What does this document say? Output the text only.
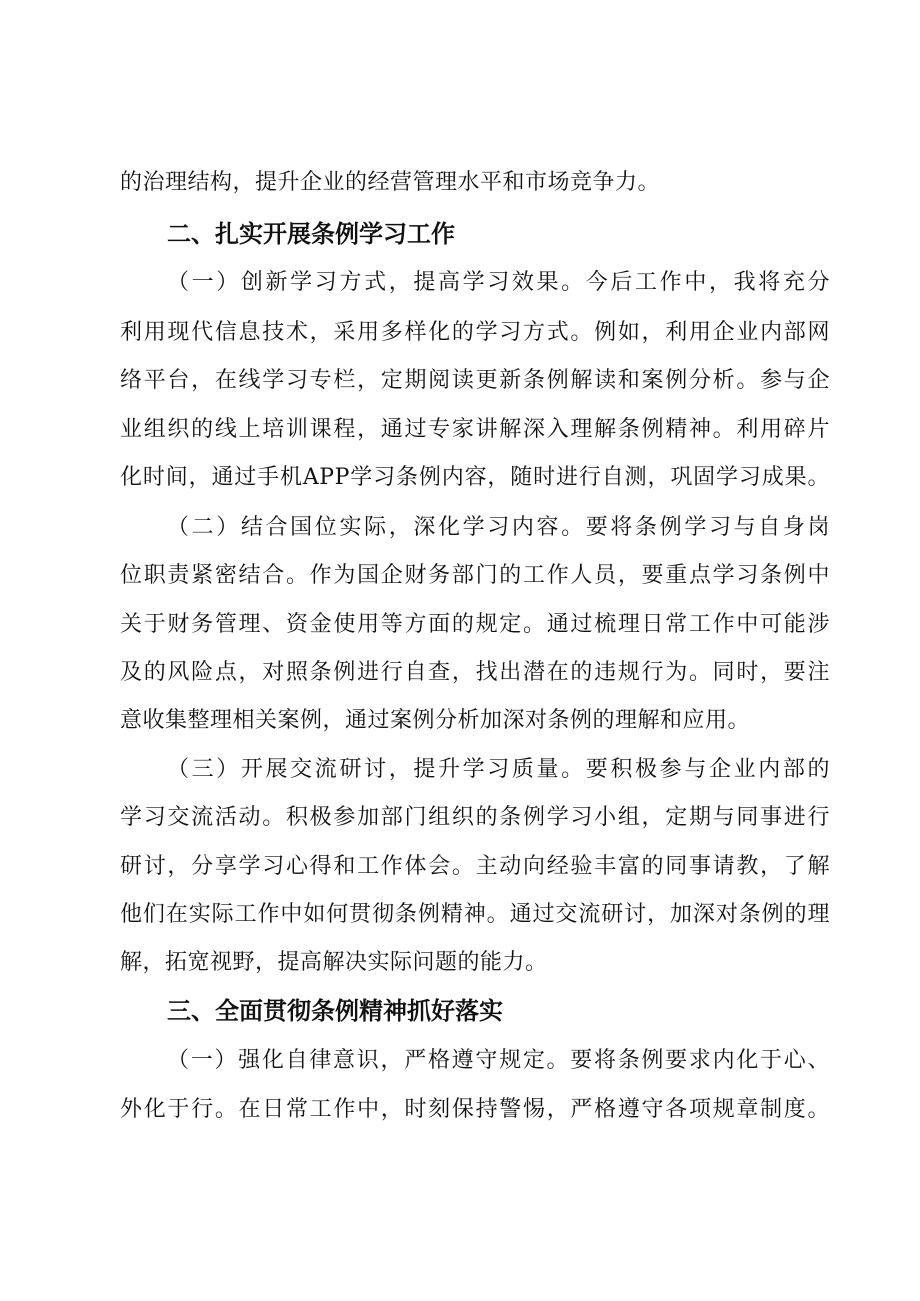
的治理结构，提升企业的经营管理水平和市场竞争力。
二、扎实开展条例学习工作
（一）创新学习方式，提高学习效果。今后工作中，我将充分
利用现代信息技术，采用多样化的学习方式。例如，利用企业内部网
络平台，在线学习专栏，定期阅读更新条例解读和案例分析。参与企
业组织的线上培训课程，通过专家讲解深入理解条例精神。利用碎片
化时间，通过手机APP学习条例内容，随时进行自测，巩固学习成果。
（二）结合国位实际，深化学习内容。要将条例学习与自身岗
位职责紧密结合。作为国企财务部门的工作人员，要重点学习条例中
关于财务管理、资金使用等方面的规定。通过梳理日常工作中可能涉
及的风险点，对照条例进行自查，找出潜在的违规行为。同时，要注
意收集整理相关案例，通过案例分析加深对条例的理解和应用。
（三）开展交流研讨，提升学习质量。要积极参与企业内部的
学习交流活动。积极参加部门组织的条例学习小组，定期与同事进行
研讨，分享学习心得和工作体会。主动向经验丰富的同事请教，了解
他们在实际工作中如何贯彻条例精神。通过交流研讨，加深对条例的理
解，拓宽视野，提高解决实际问题的能力。
三、全面贯彻条例精神抓好落实
（一）强化自律意识，严格遵守规定。要将条例要求内化于心、
外化于行。在日常工作中，时刻保持警惕，严格遵守各项规章制度。
